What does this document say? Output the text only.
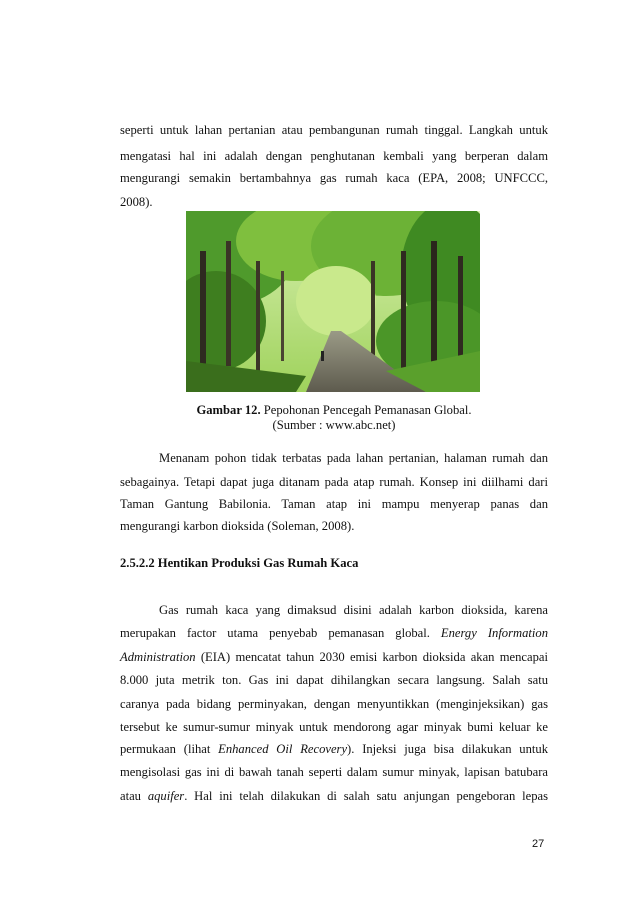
seperti untuk lahan pertanian atau pembangunan rumah tinggal. Langkah untuk
mengatasi hal ini adalah dengan penghutanan kembali yang berperan dalam
mengurangi semakin bertambahnya gas rumah kaca (EPA, 2008; UNFCCC,
2008).
Gambar 12. Pepohonan Pencegah Pemanasan Global.
(Sumber : www.abc.net)
Menanam pohon tidak terbatas pada lahan pertanian, halaman rumah dan
sebagainya. Tetapi dapat juga ditanam pada atap rumah. Konsep ini diilhami dari
Taman Gantung Babilonia. Taman atap ini mampu menyerap panas dan
mengurangi karbon dioksida (Soleman, 2008).
2.5.2.2 Hentikan Produksi Gas Rumah Kaca
Gas rumah kaca yang dimaksud disini adalah karbon dioksida, karena
merupakan factor utama penyebab pemanasan global. Energy Information
Administration (EIA) mencatat tahun 2030 emisi karbon dioksida akan mencapai
8.000 juta metrik ton. Gas ini dapat dihilangkan secara langsung. Salah satu
caranya pada bidang perminyakan, dengan menyuntikkan (menginjeksikan) gas
tersebut ke sumur-sumur minyak untuk mendorong agar minyak bumi keluar ke
permukaan (lihat Enhanced Oil Recovery). Injeksi juga bisa dilakukan untuk
mengisolasi gas ini di bawah tanah seperti dalam sumur minyak, lapisan batubara
atau aquifer. Hal ini telah dilakukan di salah satu anjungan pengeboran lepas
27
